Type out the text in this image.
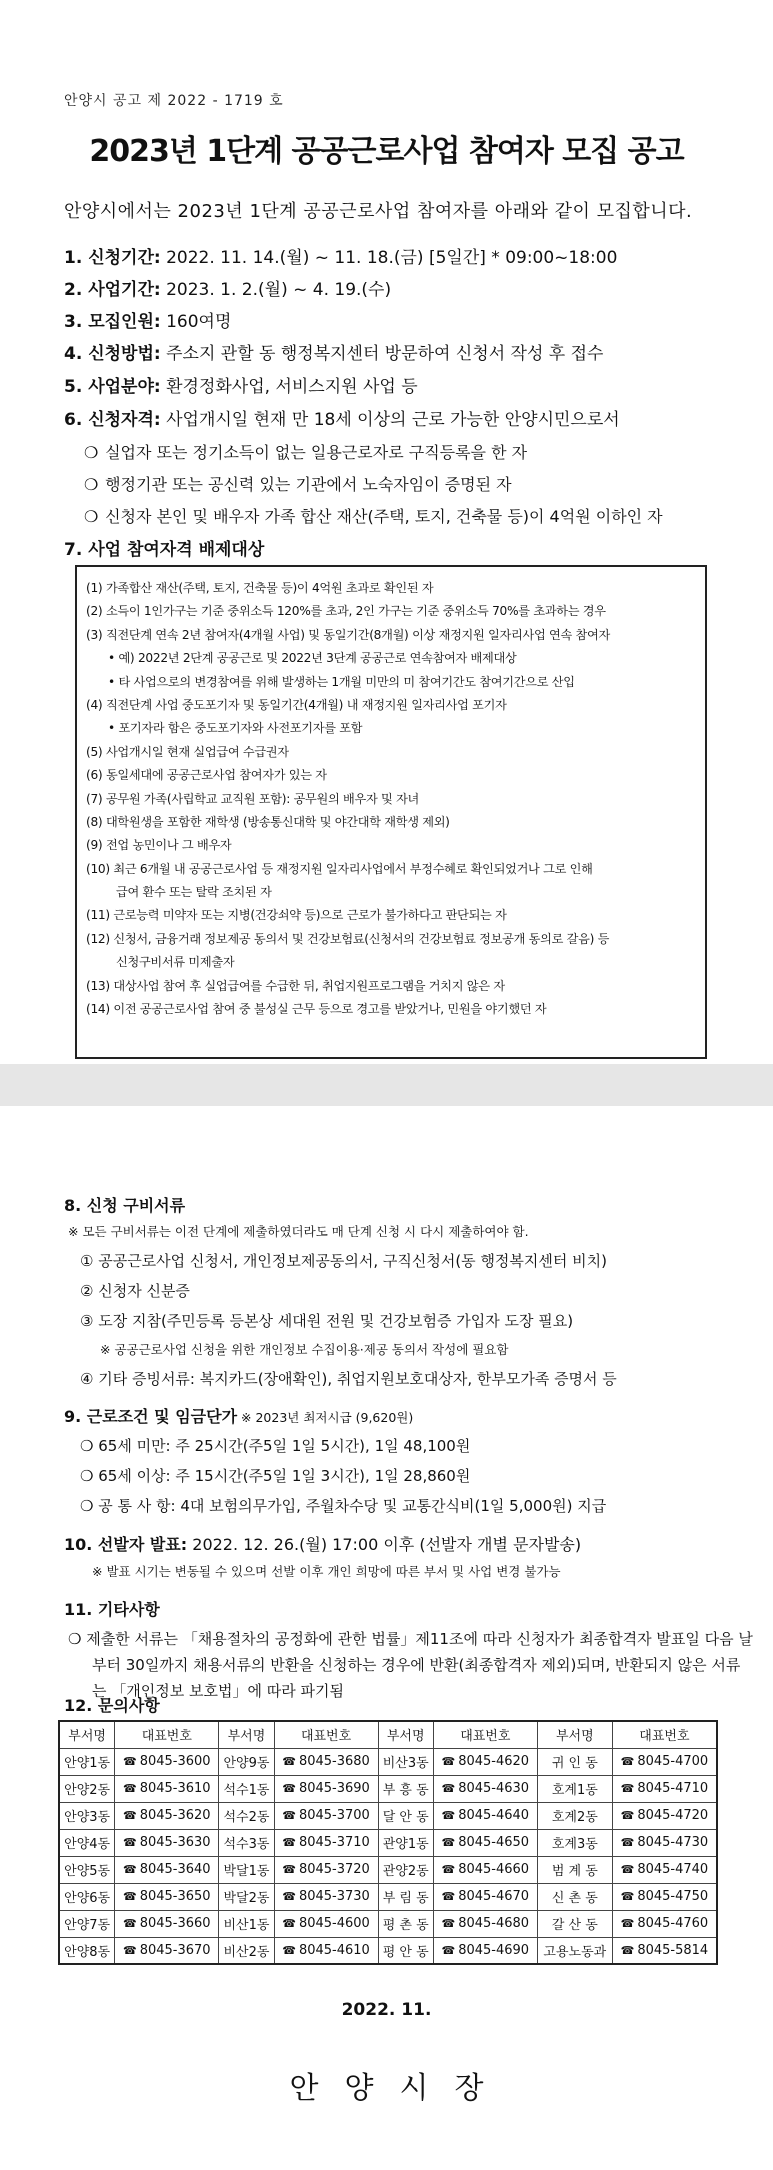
안양시 공고 제 2022 - 1719 호
2023년 1단계 공공근로사업 참여자 모집 공고
안양시에서는 2023년 1단계 공공근로사업 참여자를 아래와 같이 모집합니다.
1. 신청기간: 2022. 11. 14.(월) ~ 11. 18.(금) [5일간] * 09:00~18:00
2. 사업기간: 2023. 1. 2.(월) ~ 4. 19.(수)
3. 모집인원: 160여명
4. 신청방법: 주소지 관할 동 행정복지센터 방문하여 신청서 작성 후 접수
5. 사업분야: 환경정화사업, 서비스지원 사업 등
6. 신청자격: 사업개시일 현재 만 18세 이상의 근로 가능한 안양시민으로서
❍ 실업자 또는 정기소득이 없는 일용근로자로 구직등록을 한 자
❍ 행정기관 또는 공신력 있는 기관에서 노숙자임이 증명된 자
❍ 신청자 본인 및 배우자 가족 합산 재산(주택, 토지, 건축물 등)이 4억원 이하인 자
7. 사업 참여자격 배제대상
(1) 가족합산 재산(주택, 토지, 건축물 등)이 4억원 초과로 확인된 자
(2) 소득이 1인가구는 기준 중위소득 120%를 초과, 2인 가구는 기준 중위소득 70%를 초과하는 경우
(3) 직전단계 연속 2년 참여자(4개월 사업) 및 동일기간(8개월) 이상 재정지원 일자리사업 연속 참여자
• 예) 2022년 2단계 공공근로 및 2022년 3단계 공공근로 연속참여자 배제대상
• 타 사업으로의 변경참여를 위해 발생하는 1개월 미만의 미 참여기간도 참여기간으로 산입
(4) 직전단계 사업 중도포기자 및 동일기간(4개월) 내 재정지원 일자리사업 포기자
• 포기자라 함은 중도포기자와 사전포기자를 포함
(5) 사업개시일 현재 실업급여 수급권자
(6) 동일세대에 공공근로사업 참여자가 있는 자
(7) 공무원 가족(사립학교 교직원 포함): 공무원의 배우자 및 자녀
(8) 대학원생을 포함한 재학생 (방송통신대학 및 야간대학 재학생 제외)
(9) 전업 농민이나 그 배우자
(10) 최근 6개월 내 공공근로사업 등 재정지원 일자리사업에서 부정수혜로 확인되었거나 그로 인해
급여 환수 또는 탈락 조치된 자
(11) 근로능력 미약자 또는 지병(건강쇠약 등)으로 근로가 불가하다고 판단되는 자
(12) 신청서, 금융거래 정보제공 동의서 및 건강보험료(신청서의 건강보험료 정보공개 동의로 갈음) 등
신청구비서류 미제출자
(13) 대상사업 참여 후 실업급여를 수급한 뒤, 취업지원프로그램을 거치지 않은 자
(14) 이전 공공근로사업 참여 중 불성실 근무 등으로 경고를 받았거나, 민원을 야기했던 자
8. 신청 구비서류
※ 모든 구비서류는 이전 단계에 제출하였더라도 매 단계 신청 시 다시 제출하여야 함.
① 공공근로사업 신청서, 개인정보제공동의서, 구직신청서(동 행정복지센터 비치)
② 신청자 신분증
③ 도장 지참(주민등록 등본상 세대원 전원 및 건강보험증 가입자 도장 필요)
※ 공공근로사업 신청을 위한 개인정보 수집이용·제공 동의서 작성에 필요함
④ 기타 증빙서류: 복지카드(장애확인), 취업지원보호대상자, 한부모가족 증명서 등
9. 근로조건 및 임금단가 ※ 2023년 최저시급 (9,620원)
❍ 65세 미만: 주 25시간(주5일 1일 5시간), 1일 48,100원
❍ 65세 이상: 주 15시간(주5일 1일 3시간), 1일 28,860원
❍ 공 통 사 항: 4대 보험의무가입, 주월차수당 및 교통간식비(1일 5,000원) 지급
10. 선발자 발표: 2022. 12. 26.(월) 17:00 이후 (선발자 개별 문자발송)
※ 발표 시기는 변동될 수 있으며 선발 이후 개인 희망에 따른 부서 및 사업 변경 불가능
11. 기타사항
❍ 제출한 서류는 「채용절차의 공정화에 관한 법률」제11조에 따라 신청자가 최종합격자 발표일 다음 날
부터 30일까지 채용서류의 반환을 신청하는 경우에 반환(최종합격자 제외)되며, 반환되지 않은 서류
는 「개인정보 보호법」에 따라 파기됨
12. 문의사항
부서명	대표번호	부서명	대표번호	부서명	대표번호	부서명	대표번호
안양1동	☎ 8045-3600	안양9동	☎ 8045-3680	비산3동	☎ 8045-4620	귀 인 동	☎ 8045-4700
안양2동	☎ 8045-3610	석수1동	☎ 8045-3690	부 흥 동	☎ 8045-4630	호계1동	☎ 8045-4710
안양3동	☎ 8045-3620	석수2동	☎ 8045-3700	달 안 동	☎ 8045-4640	호계2동	☎ 8045-4720
안양4동	☎ 8045-3630	석수3동	☎ 8045-3710	관양1동	☎ 8045-4650	호계3동	☎ 8045-4730
안양5동	☎ 8045-3640	박달1동	☎ 8045-3720	관양2동	☎ 8045-4660	범 계 동	☎ 8045-4740
안양6동	☎ 8045-3650	박달2동	☎ 8045-3730	부 림 동	☎ 8045-4670	신 촌 동	☎ 8045-4750
안양7동	☎ 8045-3660	비산1동	☎ 8045-4600	평 촌 동	☎ 8045-4680	갈 산 동	☎ 8045-4760
안양8동	☎ 8045-3670	비산2동	☎ 8045-4610	평 안 동	☎ 8045-4690	고용노동과	☎ 8045-5814
2022. 11.
안양시장
